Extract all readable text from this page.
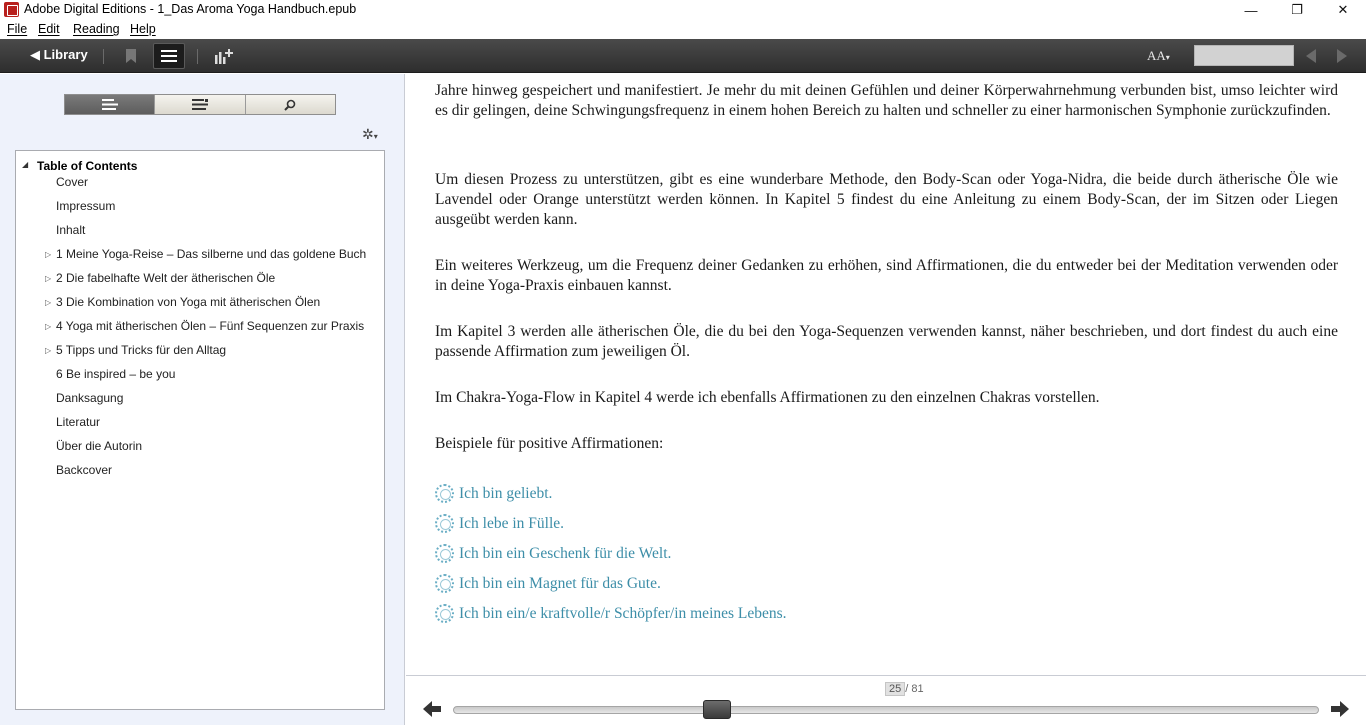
Adobe Digital Editions - 1_Das Aroma Yoga Handbuch.epub	—	❐	✕
File Edit Reading Help
◀ Library	AA▾
✲▾
◢ Table of Contents
Cover
Impressum
Inhalt
▷ 1 Meine Yoga-Reise – Das silberne und das goldene Buch
▷ 2 Die fabelhafte Welt der ätherischen Öle
▷ 3 Die Kombination von Yoga mit ätherischen Ölen
▷ 4 Yoga mit ätherischen Ölen – Fünf Sequenzen zur Praxis
▷ 5 Tipps und Tricks für den Alltag
6 Be inspired – be you
Danksagung
Literatur
Über die Autorin
Backcover

Jahre hinweg gespeichert und manifestiert. Je mehr du mit deinen Gefühlen und deiner Körperwahrnehmung verbunden bist, umso leichter wird es dir gelingen, deine Schwingungsfrequenz in einem hohen Bereich zu halten und schneller zu einer harmonischen Symphonie zurückzufinden.

Um diesen Prozess zu unterstützen, gibt es eine wunderbare Methode, den Body-Scan oder Yoga-Nidra, die beide durch ätherische Öle wie Lavendel oder Orange unterstützt werden können. In Kapitel 5 findest du eine Anleitung zu einem Body-Scan, der im Sitzen oder Liegen ausgeübt werden kann.

Ein weiteres Werkzeug, um die Frequenz deiner Gedanken zu erhöhen, sind Affirmationen, die du entweder bei der Meditation verwenden oder in deine Yoga-Praxis einbauen kannst.

Im Kapitel 3 werden alle ätherischen Öle, die du bei den Yoga-Sequenzen verwenden kannst, näher beschrieben, und dort findest du auch eine passende Affirmation zum jeweiligen Öl.

Im Chakra-Yoga-Flow in Kapitel 4 werde ich ebenfalls Affirmationen zu den einzelnen Chakras vorstellen.

Beispiele für positive Affirmationen:

Ich bin geliebt.
Ich lebe in Fülle.
Ich bin ein Geschenk für die Welt.
Ich bin ein Magnet für das Gute.
Ich bin ein/e kraftvolle/r Schöpfer/in meines Lebens.
25 / 81
